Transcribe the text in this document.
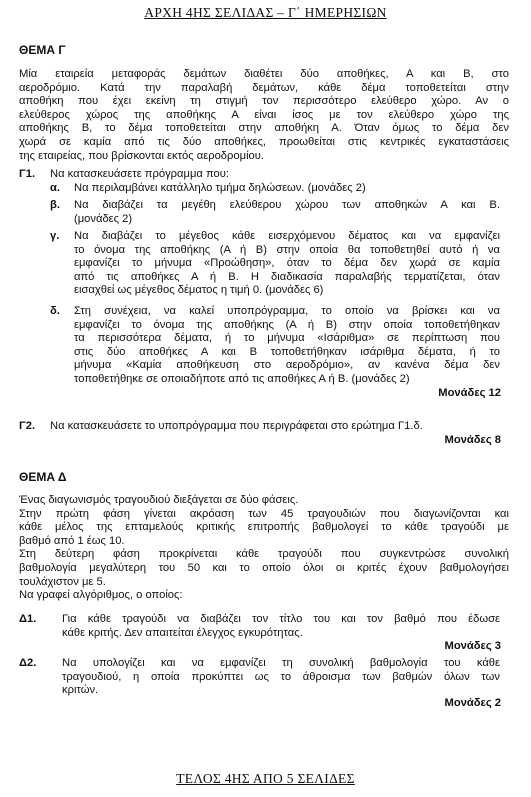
ΑΡΧΗ 4ΗΣ ΣΕΛΙΔΑΣ – Γ΄ ΗΜΕΡΗΣΙΩΝ
ΘΕΜΑ Γ
Μία εταιρεία μεταφοράς δεμάτων διαθέτει δύο αποθήκες, Α και Β, στο
αεροδρόμιο. Κατά την παραλαβή δεμάτων, κάθε δέμα τοποθετείται στην
αποθήκη που έχει εκείνη τη στιγμή τον περισσότερο ελεύθερο χώρο. Αν ο
ελεύθερος χώρος της αποθήκης Α είναι ίσος με τον ελεύθερο χώρο της
αποθήκης Β, το δέμα τοποθετείται στην αποθήκη Α. Όταν όμως το δέμα δεν
χωρά σε καμία από τις δύο αποθήκες, προωθείται στις κεντρικές εγκαταστάσεις
της εταιρείας, που βρίσκονται εκτός αεροδρομίου.
Γ1. Να κατασκευάσετε πρόγραμμα που:
α. Να περιλαμβάνει κατάλληλο τμήμα δηλώσεων. (μονάδες 2)
β. Να διαβάζει τα μεγέθη ελεύθερου χώρου των αποθηκών Α και Β.
(μονάδες 2)
γ. Να διαβάζει το μέγεθος κάθε εισερχόμενου δέματος και να εμφανίζει
το όνομα της αποθήκης (Α ή Β) στην οποία θα τοποθετηθεί αυτό ή να
εμφανίζει το μήνυμα «Προώθηση», όταν το δέμα δεν χωρά σε καμία
από τις αποθήκες Α ή Β. Η διαδικασία παραλαβής τερματίζεται, όταν
εισαχθεί ως μέγεθος δέματος η τιμή 0. (μονάδες 6)
δ. Στη συνέχεια, να καλεί υποπρόγραμμα, το οποίο να βρίσκει και να
εμφανίζει το όνομα της αποθήκης (Α ή Β) στην οποία τοποθετήθηκαν
τα περισσότερα δέματα, ή το μήνυμα «Ισάριθμα» σε περίπτωση που
στις δύο αποθήκες Α και Β τοποθετήθηκαν ισάριθμα δέματα, ή το
μήνυμα «Καμία αποθήκευση στο αεροδρόμιο», αν κανένα δέμα δεν
τοποθετήθηκε σε οποιαδήποτε από τις αποθήκες Α ή Β. (μονάδες 2)
Μονάδες 12
Γ2. Να κατασκευάσετε το υποπρόγραμμα που περιγράφεται στο ερώτημα Γ1.δ.
Μονάδες 8
ΘΕΜΑ Δ
Ένας διαγωνισμός τραγουδιού διεξάγεται σε δύο φάσεις.
Στην πρώτη φάση γίνεται ακρόαση των 45 τραγουδιών που διαγωνίζονται και
κάθε μέλος της επταμελούς κριτικής επιτροπής βαθμολογεί το κάθε τραγούδι με
βαθμό από 1 έως 10.
Στη δεύτερη φάση προκρίνεται κάθε τραγούδι που συγκεντρώσε συνολική
βαθμολογία μεγαλύτερη του 50 και το οποίο όλοι οι κριτές έχουν βαθμολογήσει
τουλάχιστον με 5.
Να γραφεί αλγόριθμος, ο οποίος:
Δ1. Για κάθε τραγούδι να διαβάζει τον τίτλο του και τον βαθμό που έδωσε
κάθε κριτής. Δεν απαιτείται έλεγχος εγκυρότητας.
Μονάδες 3
Δ2. Να υπολογίζει και να εμφανίζει τη συνολική βαθμολογία του κάθε
τραγουδιού, η οποία προκύπτει ως το άθροισμα των βαθμών όλων των
κριτών.
Μονάδες 2
ΤΕΛΟΣ 4ΗΣ ΑΠΟ 5 ΣΕΛΙΔΕΣ
